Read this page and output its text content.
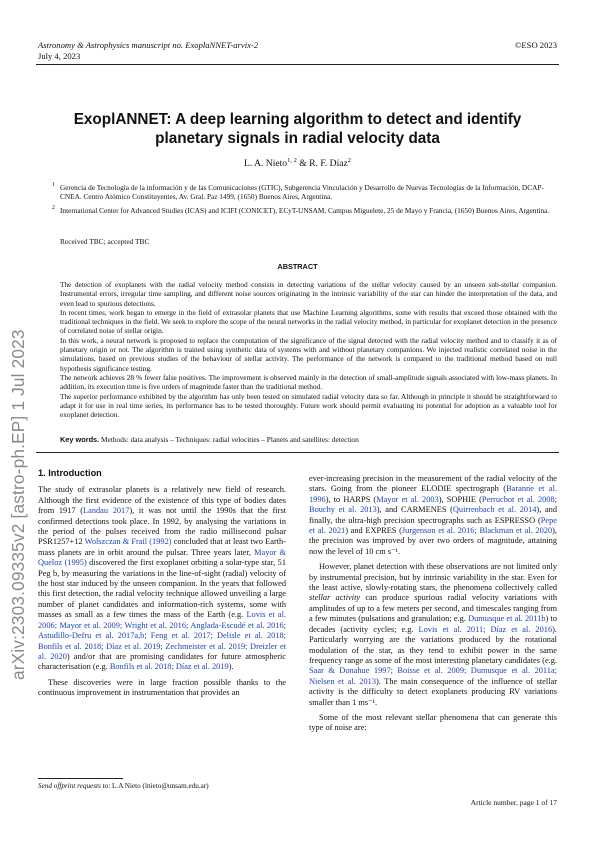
Astronomy & Astrophysics manuscript no. ExoplaNNET-arvix-2
July 4, 2023
©ESO 2023
arXiv:2303.09335v2 [astro-ph.EP] 1 Jul 2023
ExoplANNET: A deep learning algorithm to detect and identify
planetary signals in radial velocity data
L. A. Nieto$^{1, 2}$ & R. F. Díaz$^2$
1 Gerencia de Tecnología de la información y de las Comunicaciones (GTIC), Subgerencia Vinculación y Desarrollo de Nuevas Tecnologías de la Información, DCAP-CNEA. Centro Atómico Constituyentes, Av. Gral. Paz 1499, (1650) Buenos Aires, Argentina.
2 International Center for Advanced Studies (ICAS) and ICIFI (CONICET), ECyT-UNSAM, Campus Miguelete, 25 de Mayo y Francia, (1650) Buenos Aires, Argentina.
Received TBC; accepted TBC
ABSTRACT

The detection of exoplanets with the radial velocity method consists in detecting variations of the stellar velocity caused by an unseen sub-stellar companion. Instrumental errors, irregular time sampling, and different noise sources originating in the intrinsic variability of the star can hinder the interpretation of the data, and even lead to spurious detections.

In recent times, work began to emerge in the field of extrasolar planets that use Machine Learning algorithms, some with results that exceed those obtained with the traditional techniques in the field. We seek to explore the scope of the neural networks in the radial velocity method, in particular for exoplanet detection in the presence of correlated noise of stellar origin.

In this work, a neural network is proposed to replace the computation of the significance of the signal detected with the radial velocity method and to classify it as of planetary origin or not. The algorithm is trained using synthetic data of systems with and without planetary companions. We injected realistic correlated noise in the simulations, based on previous studies of the behaviour of stellar activity. The performance of the network is compared to the traditional method based on null hypothesis significance testing.

The network achieves 28 % fewer false positives. The improvement is observed mainly in the detection of small-amplitude signals associated with low-mass planets. In addition, its execution time is five orders of magnitude faster than the traditional method.

The superior performance exhibited by the algorithm has only been tested on simulated radial velocity data so far. Although in principle it should be straightforward to adapt it for use in real time series, its performance has to be tested thoroughly. Future work should permit evaluating its potential for adoption as a valuable tool for exoplanet detection.

Key words. Methods: data analysis – Techniques: radial velocities – Planets and satellites: detection
1. Introduction

The study of extrasolar planets is a relatively new field of research. Although the first evidence of the existence of this type of bodies dates from 1917 (Landau 2017), it was not until the 1990s that the first confirmed detections took place. In 1992, by analysing the variations in the period of the pulses received from the radio millisecond pulsar PSR1257+12 Wolszczan & Frail (1992) concluded that at least two Earth-mass planets are in orbit around the pulsar. Three years later, Mayor & Queloz (1995) discovered the first exoplanet orbiting a solar-type star, 51 Peg b, by measuring the variations in the line-of-sight (radial) velocity of the host star induced by the unseen companion. In the years that followed this first detection, the radial velocity technique allowed unveiling a large number of planet candidates and information-rich systems, some with masses as small as a few times the mass of the Earth (e.g. Lovis et al. 2006; Mayor et al. 2009; Wright et al. 2016; Anglada-Escudé et al. 2016; Astudillo-Defru et al. 2017a,b; Feng et al. 2017; Delisle et al. 2018; Bonfils et al. 2018; Díaz et al. 2019; Zechmeister et al. 2019; Dreizler et al. 2020) and/or that are promising candidates for future atmospheric characterisation (e.g. Bonfils et al. 2018; Díaz et al. 2019).

These discoveries were in large fraction possible thanks to the continuous improvement in instrumentation that provides an

ever-increasing precision in the measurement of the radial velocity of the stars. Going from the pioneer ELODIE spectrograph (Baranne et al. 1996), to HARPS (Mayor et al. 2003), SOPHIE (Perruchot et al. 2008; Bouchy et al. 2013), and CARMENES (Quirrenbach et al. 2014), and finally, the ultra-high precision spectrographs such as ESPRESSO (Pepe et al. 2021) and EXPRES (Jurgenson et al. 2016; Blackman et al. 2020), the precision was improved by over two orders of magnitude, attaining now the level of 10 cm s⁻¹.

However, planet detection with these observations are not limited only by instrumental precision, but by intrinsic variability in the star. Even for the least active, slowly-rotating stars, the phenomena collectively called stellar activity can produce spurious radial velocity variations with amplitudes of up to a few meters per second, and timescales ranging from a few minutes (pulsations and granulation; e.g. Dumusque et al. 2011b) to decades (activity cycles; e.g. Lovis et al. 2011; Díaz et al. 2016). Particularly worrying are the variations produced by the rotational modulation of the star, as they tend to exhibit power in the same frequency range as some of the most interesting planetary candidates (e.g. Saar & Donahue 1997; Boisse et al. 2009; Dumusque et al. 2011a; Nielsen et al. 2013). The main consequence of the influence of stellar activity is the difficulty to detect exoplanets producing RV variations smaller than 1 ms⁻¹.

Some of the most relevant stellar phenomena that can generate this type of noise are:

Send offprint requests to: L.A Nieto (lnieto@unsam.edu.ar)
Article number, page 1 of 17
